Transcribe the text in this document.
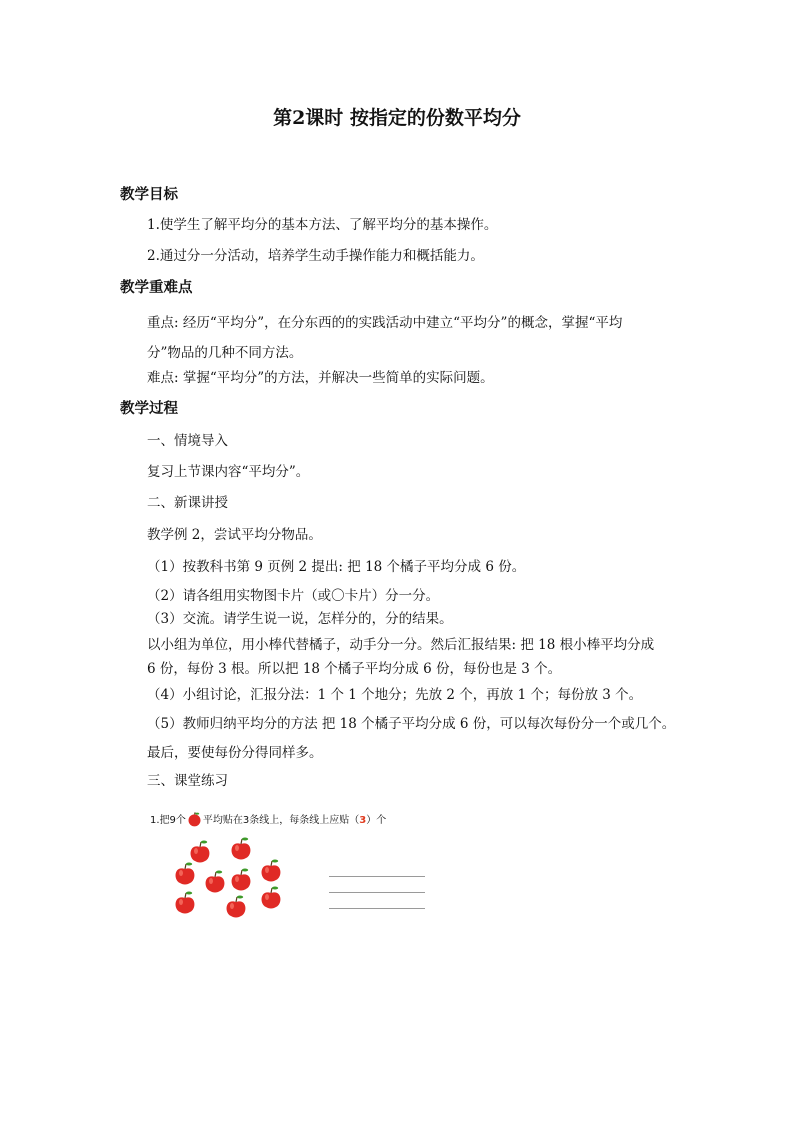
第2课时 按指定的份数平均分
教学目标
1.使学生了解平均分的基本方法、了解平均分的基本操作。
2.通过分一分活动，培养学生动手操作能力和概括能力。
教学重难点
重点: 经历“平均分”，在分东西的的实践活动中建立“平均分”的概念，掌握“平均
分”物品的几种不同方法。
难点: 掌握“平均分”的方法，并解决一些简单的实际问题。
教学过程
一、情境导入
复习上节课内容“平均分”。
二、新课讲授
教学例 2，尝试平均分物品。
（1）按教科书第 9 页例 2 提出: 把 18 个橘子平均分成 6 份。
（2）请各组用实物图卡片（或〇卡片）分一分。
（3）交流。请学生说一说，怎样分的，分的结果。
以小组为单位，用小棒代替橘子，动手分一分。然后汇报结果: 把 18 根小棒平均分成
6 份，每份 3 根。所以把 18 个橘子平均分成 6 份，每份也是 3 个。
（4）小组讨论，汇报分法：1 个 1 个地分；先放 2 个，再放 1 个；每份放 3 个。
（5）教师归纳平均分的方法 把 18 个橘子平均分成 6 份，可以每次每份分一个或几个。
最后，要使每份分得同样多。
三、课堂练习
1.把9个 平均贴在3条线上，每条线上应贴（3）个
